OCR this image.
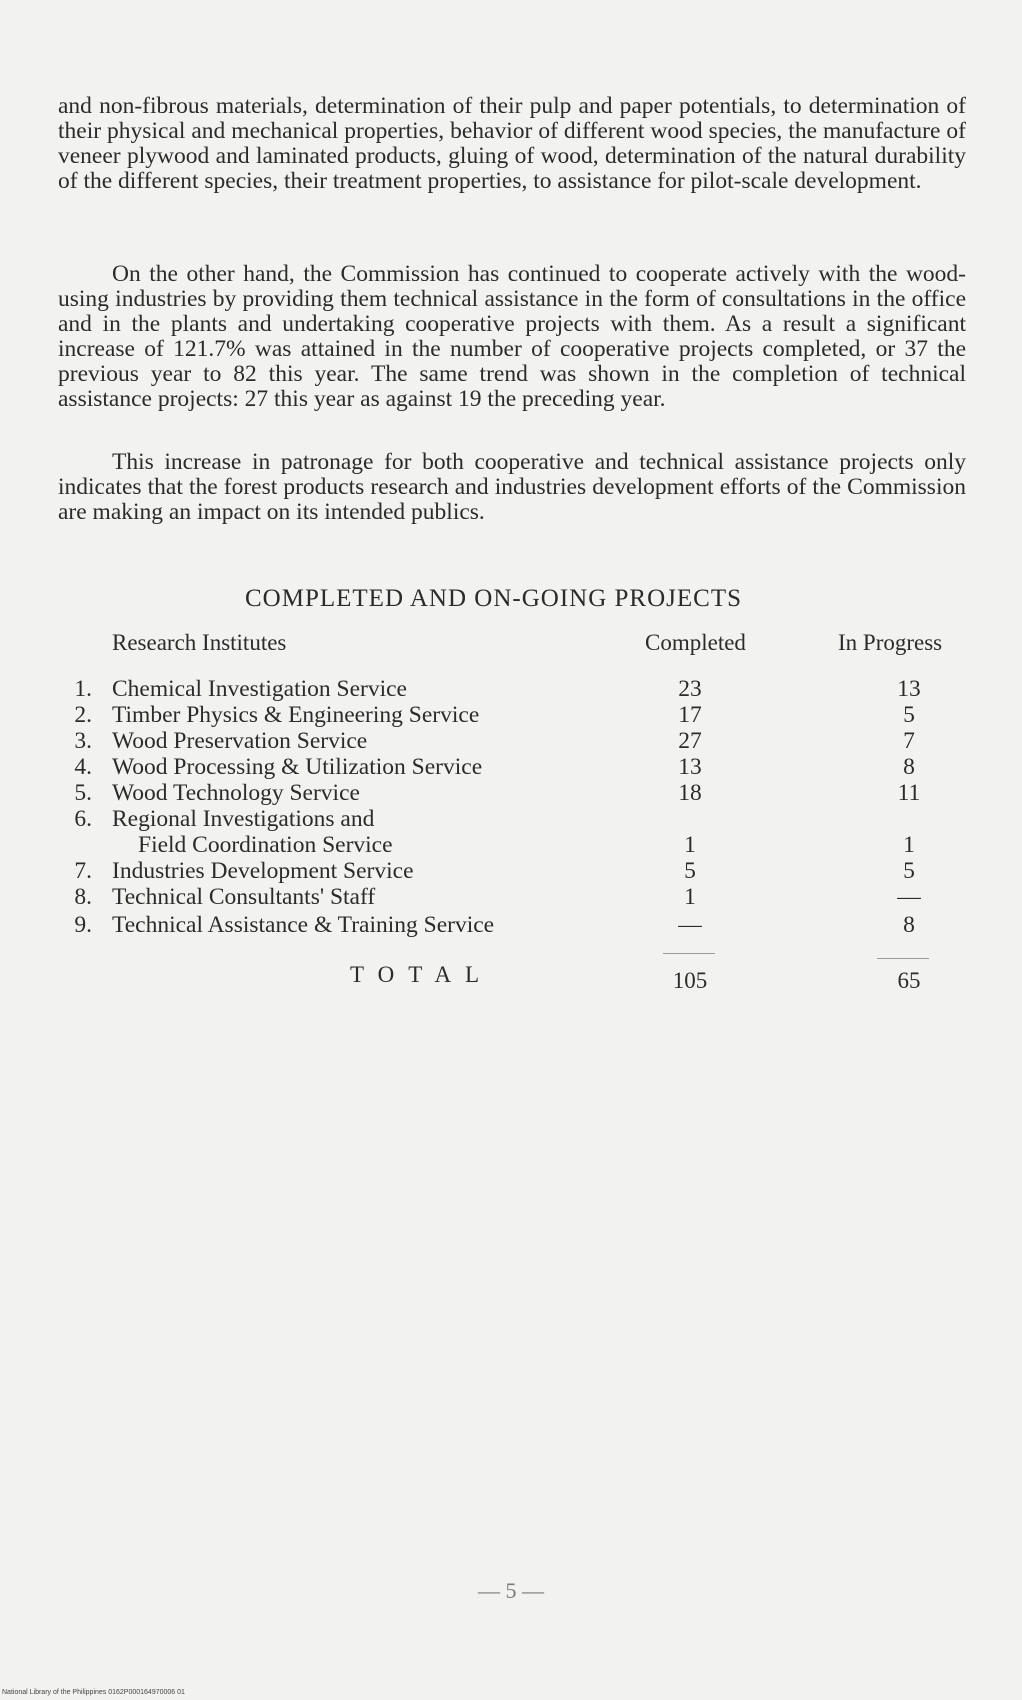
and non-fibrous materials, determination of their pulp and paper potentials, to determination of their physical and mechanical properties, behavior of different wood species, the manufacture of veneer plywood and laminated products, gluing of wood, determination of the natural durability of the different species, their treatment properties, to assistance for pilot-scale development.

On the other hand, the Commission has continued to cooperate actively with the wood-using industries by providing them technical assistance in the form of consultations in the office and in the plants and undertaking cooperative projects with them. As a result a significant increase of 121.7% was attained in the number of cooperative projects completed, or 37 the previous year to 82 this year. The same trend was shown in the completion of technical assistance projects: 27 this year as against 19 the preceding year.

This increase in patronage for both cooperative and technical assistance projects only indicates that the forest products research and industries development efforts of the Commission are making an impact on its intended publics.

COMPLETED AND ON-GOING PROJECTS
Research Institutes	Completed	In Progress
1. Chemical Investigation Service	23	13
2. Timber Physics & Engineering Service	17	5
3. Wood Preservation Service	27	7
4. Wood Processing & Utilization Service	13	8
5. Wood Technology Service	18	11
6. Regional Investigations and
Field Coordination Service	1	1
7. Industries Development Service	5	5
8. Technical Consultants' Staff	1	—
9. Technical Assistance & Training Service	—	8
TOTAL	105	65
— 5 —
National Library of the Philippines 0162P000164970006 01
